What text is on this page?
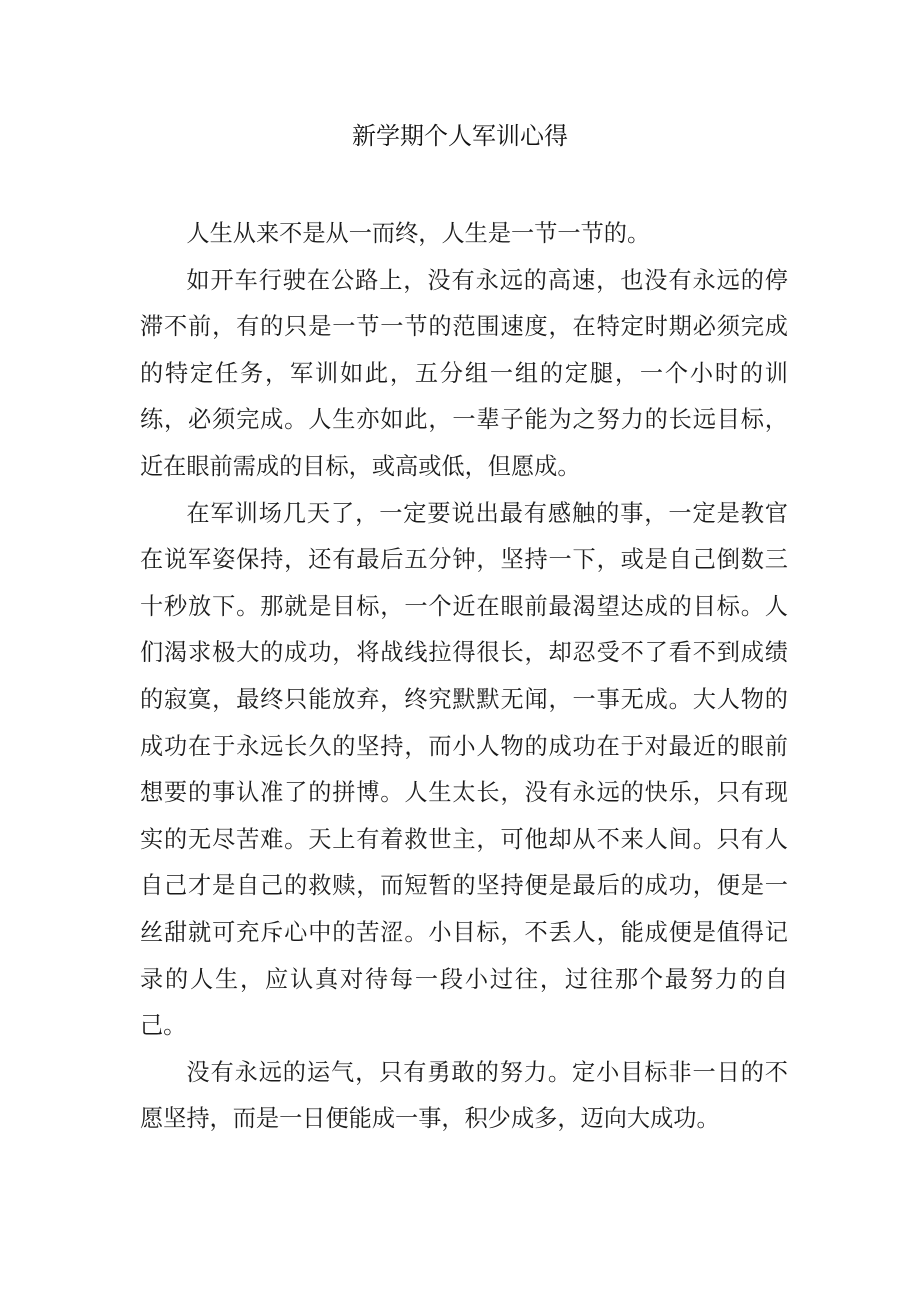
新学期个人军训心得

人生从来不是从一而终，人生是一节一节的。

如开车行驶在公路上，没有永远的高速，也没有永远的停滞不前，有的只是一节一节的范围速度，在特定时期必须完成的特定任务，军训如此，五分组一组的定腿，一个小时的训练，必须完成。人生亦如此，一辈子能为之努力的长远目标，近在眼前需成的目标，或高或低，但愿成。

在军训场几天了，一定要说出最有感触的事，一定是教官在说军姿保持，还有最后五分钟，坚持一下，或是自己倒数三十秒放下。那就是目标，一个近在眼前最渴望达成的目标。人们渴求极大的成功，将战线拉得很长，却忍受不了看不到成绩的寂寞，最终只能放弃，终究默默无闻，一事无成。大人物的成功在于永远长久的坚持，而小人物的成功在于对最近的眼前想要的事认准了的拼博。人生太长，没有永远的快乐，只有现实的无尽苦难。天上有着救世主，可他却从不来人间。只有人自己才是自己的救赎，而短暂的坚持便是最后的成功，便是一丝甜就可充斥心中的苦涩。小目标，不丢人，能成便是值得记录的人生，应认真对待每一段小过往，过往那个最努力的自己。

没有永远的运气，只有勇敢的努力。定小目标非一日的不愿坚持，而是一日便能成一事，积少成多，迈向大成功。
